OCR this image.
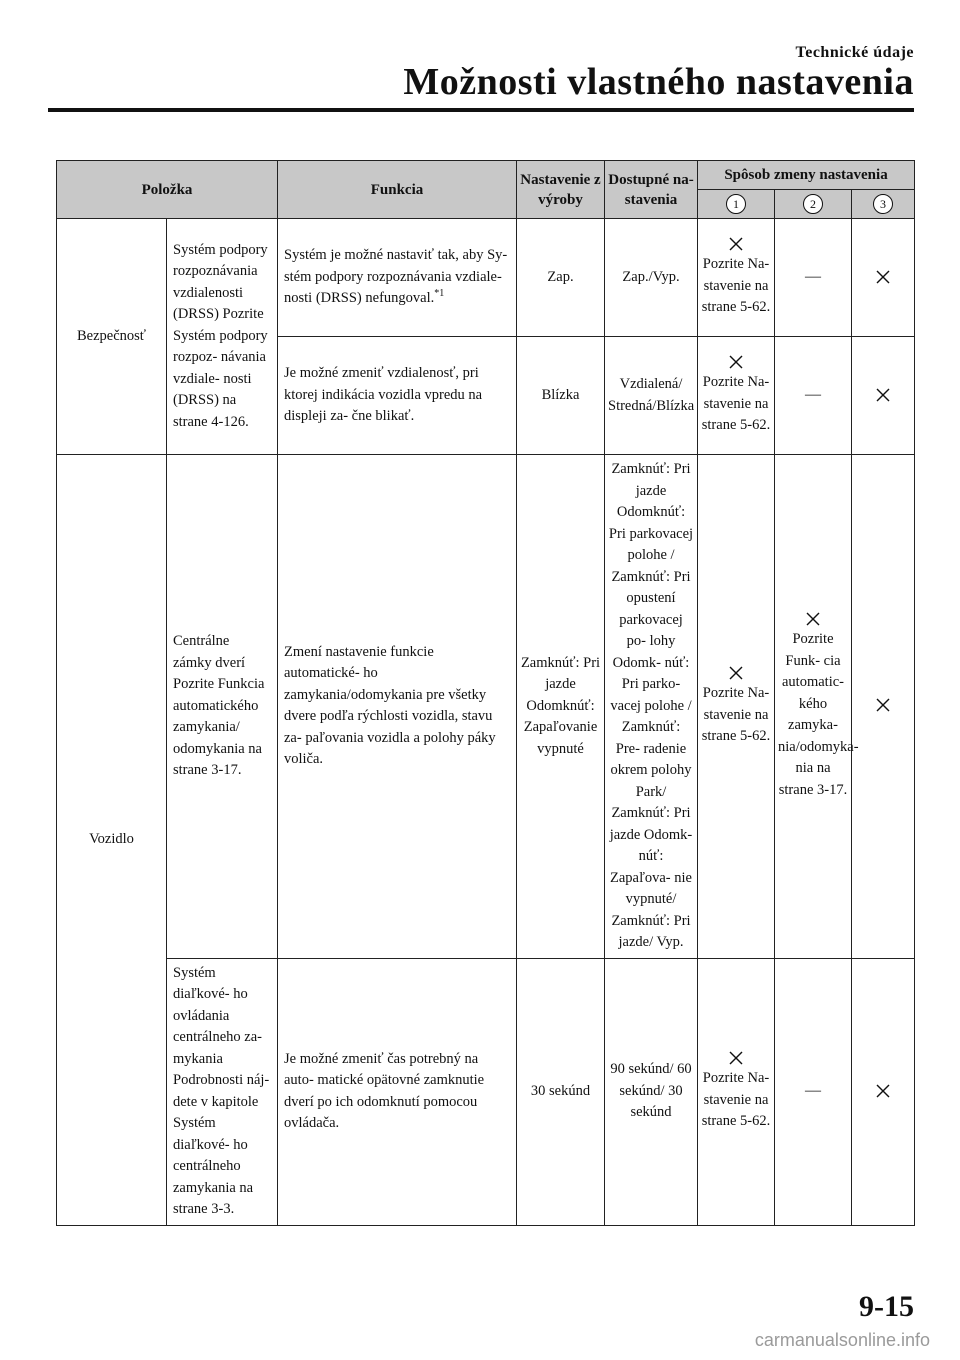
Technické údaje
Možnosti vlastného nastavenia
Položka		Funkcia	Nastavenie z výroby	Dostupné na- stavenia	Spôsob zmeny nastavenia		
					1	2	3
Bezpečnosť	Systém podpory rozpoznávania vzdialenosti (DRSS) Pozrite Systém podpory rozpoz- návania vzdiale- nosti (DRSS) na strane 4-126.	Systém je možné nastaviť tak, aby Sy- stém podpory rozpoznávania vzdiale- nosti (DRSS) nefungoval.$^{*1}$	Zap.	Zap./Vyp.	Pozrite Na- stavenie na strane 5-62.	—	

		Je možné zmeniť vzdialenosť, pri ktorej indikácia vozidla vpredu na displeji za- čne blikať.	Blízka	Vzdialená/ Stredná/Blízka	Pozrite Na- stavenie na strane 5-62.	—	

Vozidlo	Centrálne zámky dverí Pozrite Funkcia automatického zamykania/ odomykania na strane 3-17.	Zmení nastavenie funkcie automatické- ho zamykania/odomykania pre všetky dvere podľa rýchlosti vozidla, stavu za- paľovania vozidla a polohy páky voliča.	Zamknúť: Pri jazde Odomknúť: Zapaľovanie vypnuté	Zamknúť: Pri jazde Odomknúť: Pri parkovacej polohe / Zamknúť: Pri opustení parkovacej po- lohy Odomk- núť: Pri parko- vacej polohe / Zamknúť: Pre- radenie okrem polohy Park/ Zamknúť: Pri jazde Odomk- núť: Zapaľova- nie vypnuté/ Zamknúť: Pri jazde/ Vyp.	Pozrite Na- stavenie na strane 5-62.	Pozrite Funk- cia automatic- kého zamyka- nia/odomyka- nia na strane 3-17.	

	Systém diaľkové- ho ovládania centrálneho za- mykania Podrobnosti náj- dete v kapitole Systém diaľkové- ho centrálneho zamykania na strane 3-3.	Je možné zmeniť čas potrebný na auto- matické opätovné zamknutie dverí po ich odomknutí pomocou ovládača.	30 sekúnd	90 sekúnd/ 60 sekúnd/ 30 sekúnd	Pozrite Na- stavenie na strane 5-62.	—	
9-15
carmanualsonline.info
